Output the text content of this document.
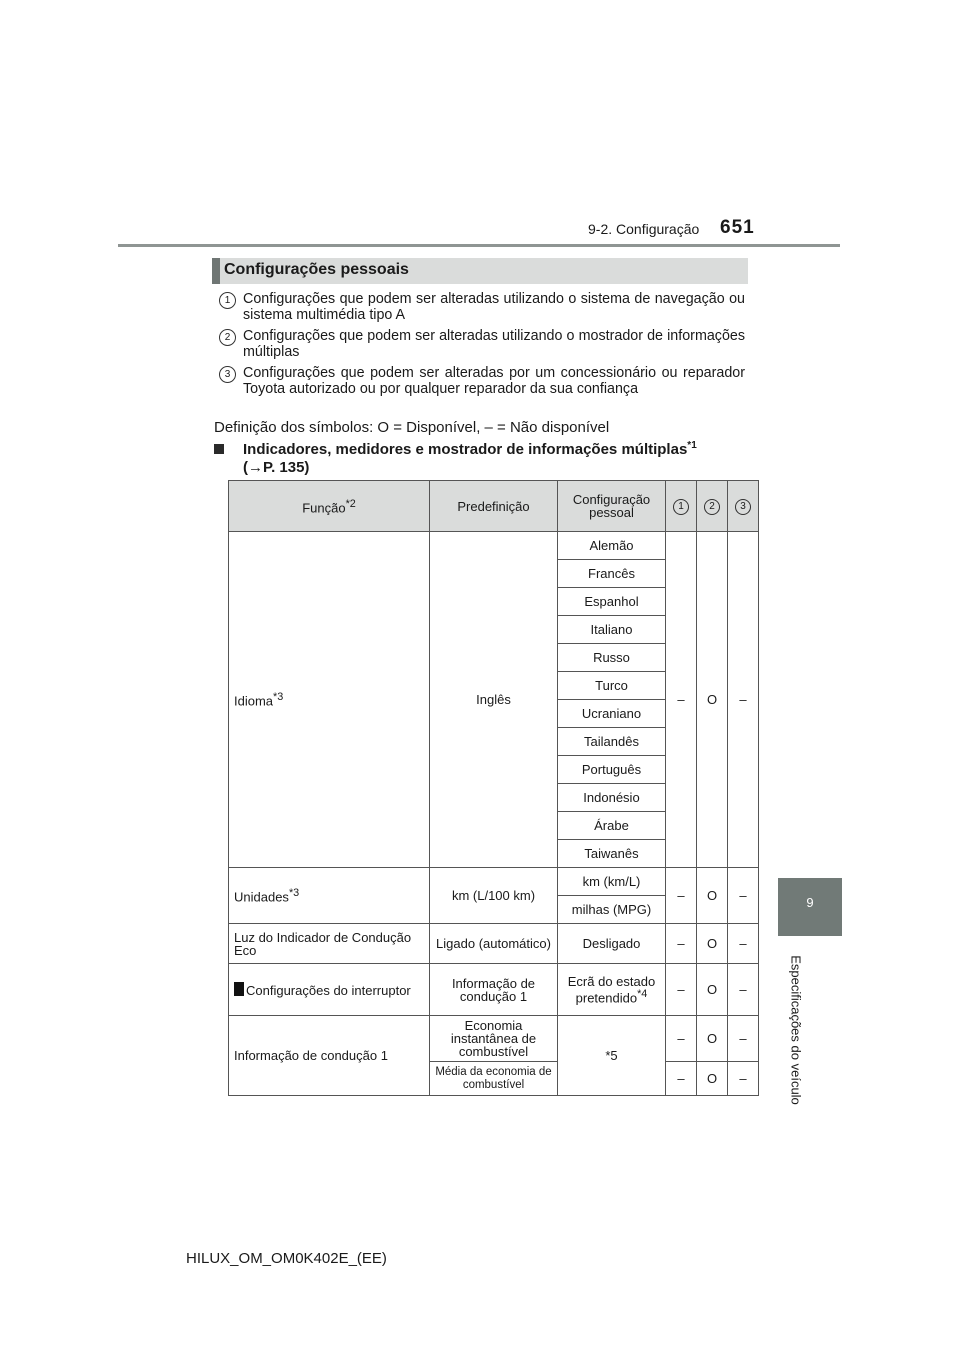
9-2. Configuração 651
9
Especificações do veículo
Configurações pessoais
1 Configurações que podem ser alteradas utilizando o sistema de navegação ou sistema multimédia tipo A
2 Configurações que podem ser alteradas utilizando o mostrador de informações múltiplas
3 Configurações que podem ser alteradas por um concessionário ou reparador Toyota autorizado ou por qualquer reparador da sua confiança
Definição dos símbolos: O = Disponível, – = Não disponível
Indicadores, medidores e mostrador de informações múltiplas$^{*1}$
(→P. 135)
Função$^{*2}$	Predefinição	Configuração pessoal	1	2	3
Idioma$^{*3}$	Inglês	Alemão	–	O	–
		Francês			
		Espanhol			
		Italiano			
		Russo			
		Turco			
		Ucraniano			
		Tailandês			
		Português			
		Indonésio			
		Árabe			
		Taiwanês			
Unidades$^{*3}$	km (L/100 km)	km (km/L)	–	O	–
		milhas (MPG)			
Luz do Indicador de Condução Eco	Ligado (automático)	Desligado	–	O	–
Configurações do interruptor	Informação de condução 1	Ecrã do estado pretendido$^{*4}$	–	O	–
Informação de condução 1	Economia instantânea de combustível	*5	–	O	–
	Média da economia de combustível		–	O	–
HILUX_OM_OM0K402E_(EE)
